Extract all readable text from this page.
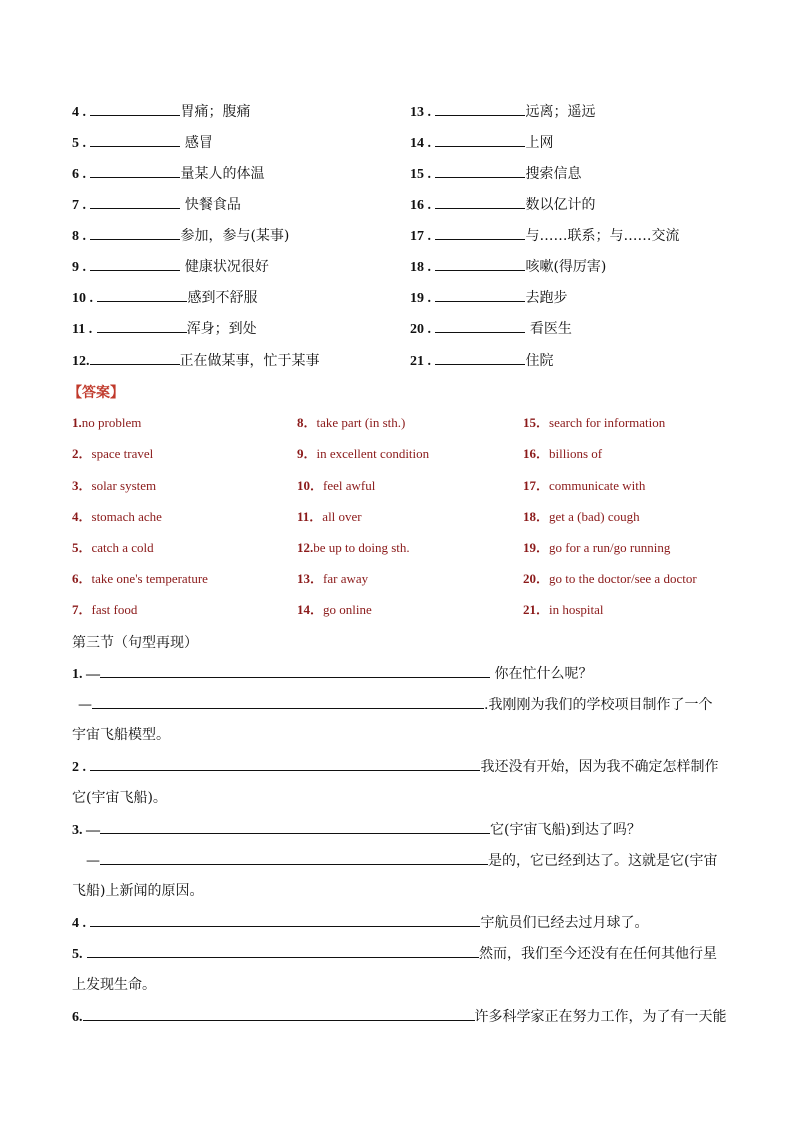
4 .	胃痛；腹痛
5 .	感冒
6 .	量某人的体温
7 .	快餐食品
8 .	参加，参与(某事)
9 .	健康状况很好
10 .	感到不舒服
11 .	浑身；到处
12.	正在做某事，忙于某事
13 .	远离；遥远
14 .	上网
15 .	搜索信息
16 .	数以亿计的
17 .	与……联系；与……交流
18 .	咳嗽(得厉害)
19 .	去跑步
20 .	看医生
21 .	住院
【答案】
1.no problem	8．take part (in sth.)	15．search for information
2．space travel	9．in excellent condition	16．billions of
3．solar system	10．feel awful	17．communicate with
4．stomach ache	11．all over	18．get a (bad) cough
5．catch a cold	12.be up to doing sth.	19．go for a run/go running
6．take one's temperature	13．far away	20．go to the doctor/see a doctor
7．fast food	14．go online	21．in hospital
第三节（句型再现）
1. —	你在忙什么呢？
—	.我刚刚为我们的学校项目制作了一个
宇宙飞船模型。
2 .	我还没有开始，因为我不确定怎样制作
它(宇宙飞船)。
3. —	它(宇宙飞船)到达了吗？
—	是的，它已经到达了。这就是它(宇宙
飞船)上新闻的原因。
4 .	宇航员们已经去过月球了。
5.	然而，我们至今还没有在任何其他行星
上发现生命。
6.	许多科学家正在努力工作，为了有一天能
